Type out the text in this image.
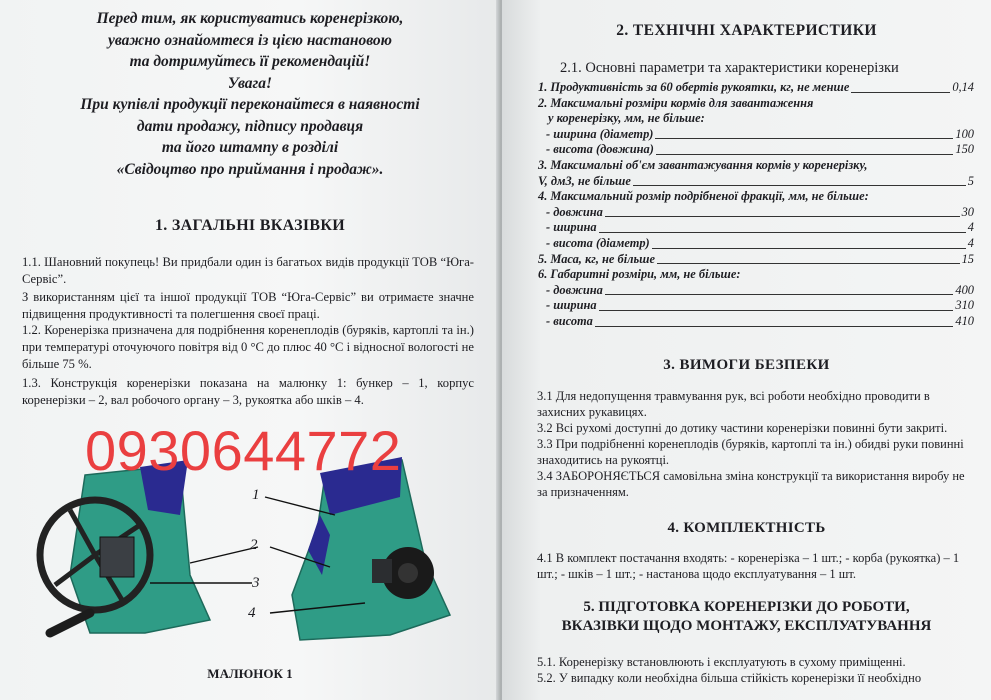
Перед тим, як користуватись коренерізкою,
уважно ознайомтеся із цією настановою
та дотримуйтесь її рекомендацій!
Увага!
При купівлі продукції переконайтеся в наявності
дати продажу, підпису продавця
та його штампу в розділі
«Свідоцтво про приймання і продаж».
1. ЗАГАЛЬНІ ВКАЗІВКИ
1.1. Шановний покупець! Ви придбали один із багатьох видів продукції ТОВ “Юга-Сервіс”.
З використанням цієї та іншої продукції ТОВ “Юга-Сервіс” ви отримаєте значне підвищення продуктивності та полегшення своєї праці.
1.2. Коренерізка призначена для подрібнення коренеплодів (буряків, картоплі та ін.) при температурі оточуючого повітря від 0 °С до плюс 40 °С і відносної вологості не більше 75 %.
1.3. Конструкція коренерізки показана на малюнку 1: бункер – 1, корпус коренерізки – 2, вал робочого органу – 3, рукоятка або шків – 4.
1
2
3
4
0930644772
МАЛЮНОК 1
2. ТЕХНІЧНІ ХАРАКТЕРИСТИКИ
2.1. Основні параметри та характеристики коренерізки
1. Продуктивність за 60 обертів рукоятки, кг, не менше	0,14
2. Максимальні розміри кормів для завантаження
у коренерізку, мм, не більше:
- ширина (діаметр)	100
- висота (довжина)	150
3. Максимальні об'єм завантажування кормів у коренерізку,
V, дм3, не більше	5
4. Максимальний розмір подрібненої фракції, мм, не більше:
- довжина	30
- ширина	4
- висота (діаметр)	4
5. Маса, кг, не більше	15
6. Габаритні розміри, мм, не більше:
- довжина	400
- ширина	310
- висота	410
3. ВИМОГИ БЕЗПЕКИ
3.1 Для недопущення травмування рук, всі роботи необхідно проводити в захисних рукавицях.
3.2 Всі рухомі доступні до дотику частини коренерізки повинні бути закриті.
3.3 При подрібненні коренеплодів (буряків, картоплі та ін.) обидві руки повинні знаходитись на рукоятці.
3.4 ЗАБОРОНЯЄТЬСЯ самовільна зміна конструкції та використання виробу не за призначенням.
4. КОМПЛЕКТНІСТЬ
4.1 В комплект постачання входять: - коренерізка – 1 шт.; - корба (рукоятка) – 1 шт.; - шків – 1 шт.; - настанова щодо експлуатування – 1 шт.
5. ПІДГОТОВКА КОРЕНЕРІЗКИ ДО РОБОТИ,
ВКАЗІВКИ ЩОДО МОНТАЖУ, ЕКСПЛУАТУВАННЯ
5.1. Коренерізку встановлюють і експлуатують в сухому приміщенні.
5.2. У випадку коли необхідна більша стійкість коренерізки її необхідно
